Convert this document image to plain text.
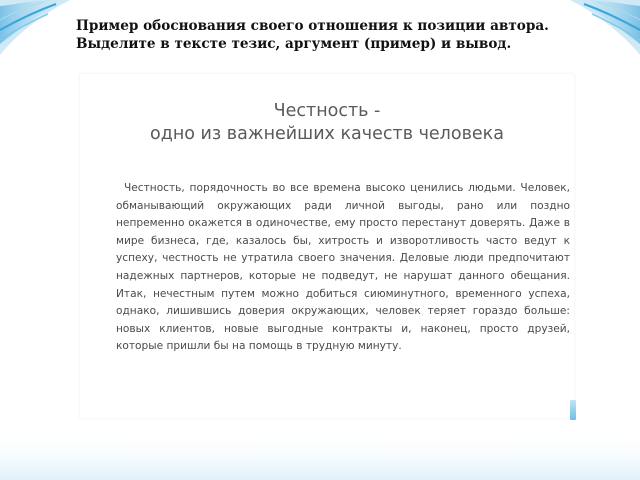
Пример обоснования своего отношения к позиции автора. Выделите в тексте тезис, аргумент (пример) и вывод.

Честность -
одно из важнейших качеств человека

Честность, порядочность во все времена высоко ценились людьми. Человек, обманывающий окружающих ради личной выгоды, рано или поздно непременно окажется в одиночестве, ему просто перестанут доверять. Даже в мире бизнеса, где, казалось бы, хитрость и изворотливость часто ведут к успеху, честность не утратила своего значения. Деловые люди предпочитают надежных партнеров, которые не подведут, не нарушат данного обещания. Итак, нечестным путем можно добиться сиюминутного, временного успеха, однако, лишившись доверия окружающих, человек теряет гораздо больше: новых клиентов, новые выгодные контракты и, наконец, просто друзей, которые пришли бы на помощь в трудную минуту.
